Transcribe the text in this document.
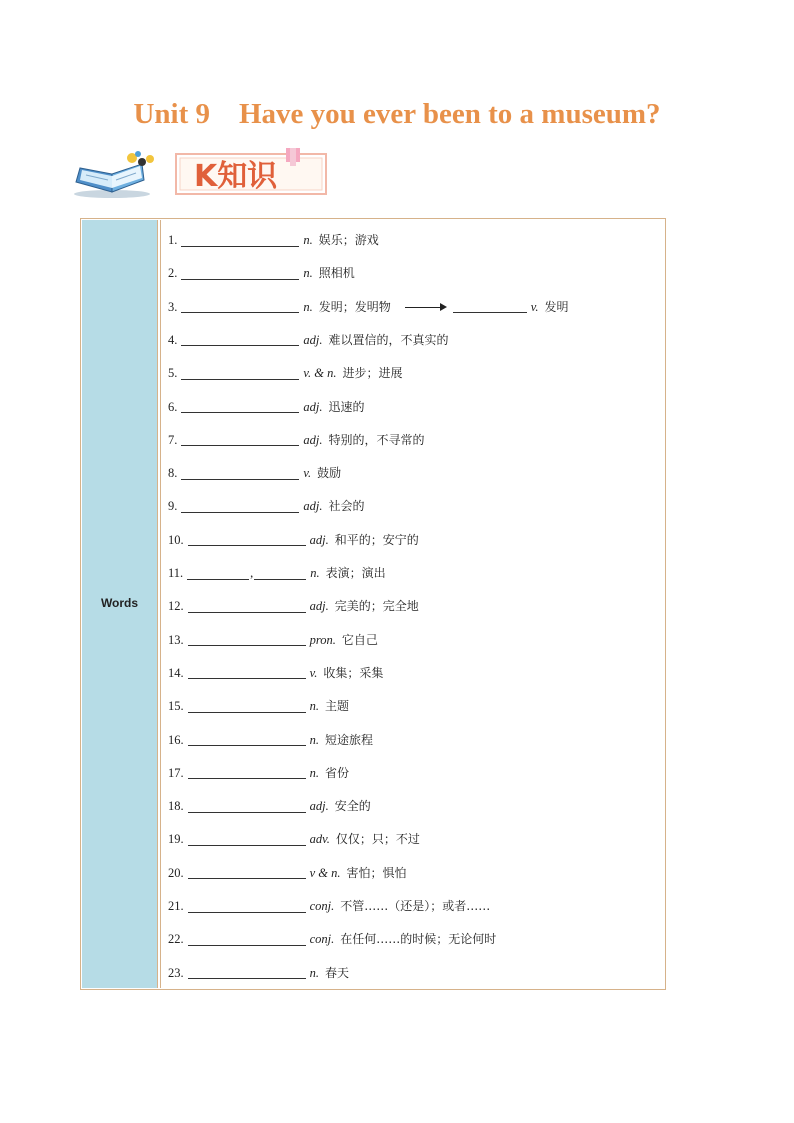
Unit 9    Have you ever been to a museum?
K知识
Words
1.	n. 娱乐；游戏
2.	n. 照相机
3.	n. 发明；发明物	v. 发明
4.	adj. 难以置信的，不真实的
5.	v. & n. 进步；进展
6.	adj. 迅速的
7.	adj. 特别的，不寻常的
8.	v. 鼓励
9.	adj. 社会的
10.	adj. 和平的；安宁的
11.	,	n. 表演；演出
12.	adj. 完美的；完全地
13.	pron. 它自己
14.	v. 收集；采集
15.	n. 主题
16.	n. 短途旅程
17.	n. 省份
18.	adj. 安全的
19.	adv. 仅仅；只；不过
20.	v & n. 害怕；惧怕
21.	conj. 不管……（还是）；或者……
22.	conj. 在任何……的时候；无论何时
23.	n. 春天
